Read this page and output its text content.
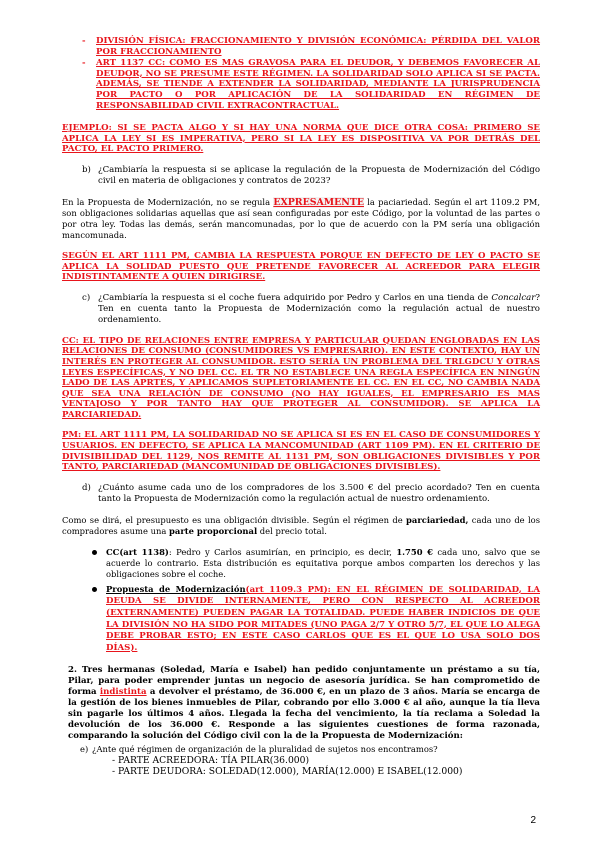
- DIVISIÓN FÍSICA: FRACCIONAMIENTO Y DIVISIÓN ECONÓMICA: PÉRDIDA DEL VALOR POR FRACCIONAMIENTO
- ART 1137 CC: COMO ES MAS GRAVOSA PARA EL DEUDOR, Y DEBEMOS FAVORECER AL DEUDOR, NO SE PRESUME ESTE RÉGIMEN. LA SOLIDARIDAD SOLO APLICA SI SE PACTA. ADEMÁS, SE TIENDE A EXTENDER LA SOLIDARIDAD, MEDIANTE LA JURISPRUDENCIA POR PACTO O POR APLICACIÓN DE LA SOLIDARIDAD EN RÉGIMEN DE RESPONSABILIDAD CIVIL EXTRACONTRACTUAL.

EJEMPLO: SI SE PACTA ALGO Y SI HAY UNA NORMA QUE DICE OTRA COSA: PRIMERO SE APLICA LA LEY SI ES IMPERATIVA, PERO SI LA LEY ES DISPOSITIVA VA POR DETRÁS DEL PACTO, EL PACTO PRIMERO.

b) ¿Cambiaría la respuesta si se aplicase la regulación de la Propuesta de Modernización del Código civil en materia de obligaciones y contratos de 2023?

En la Propuesta de Modernización, no se regula EXPRESAMENTE la paciariedad. Según el art 1109.2 PM, son obligaciones solidarias aquellas que así sean configuradas por este Código, por la voluntad de las partes o por otra ley. Todas las demás, serán mancomunadas, por lo que de acuerdo con la PM sería una obligación mancomunada.

SEGÚN EL ART 1111 PM, CAMBIA LA RESPUESTA PORQUE EN DEFECTO DE LEY O PACTO SE APLICA LA SOLIDAD PUESTO QUE PRETENDE FAVORECER AL ACREEDOR PARA ELEGIR INDISTINTAMENTE A QUIEN DIRIGIRSE.

c) ¿Cambiaría la respuesta si el coche fuera adquirido por Pedro y Carlos en una tienda de Concalcar? Ten en cuenta tanto la Propuesta de Modernización como la regulación actual de nuestro ordenamiento.

CC: EL TIPO DE RELACIONES ENTRE EMPRESA Y PARTICULAR QUEDAN ENGLOBADAS EN LAS RELACIONES DE CONSUMO (CONSUMIDORES VS EMPRESARIO). EN ESTE CONTEXTO, HAY UN INTERÉS EN PROTEGER AL CONSUMIDOR. ESTO SERÍA UN PROBLEMA DEL TRLGDCU Y OTRAS LEYES ESPECÍFICAS, Y NO DEL CC. EL TR NO ESTABLECE UNA REGLA ESPECÍFICA EN NINGÚN LADO DE LAS APRTES, Y APLICAMOS SUPLETORIAMENTE EL CC. EN EL CC, NO CAMBIA NADA QUE SEA UNA RELACIÓN DE CONSUMO (NO HAY IGUALES, EL EMPRESARIO ES MAS VENTAJOSO Y POR TANTO HAY QUE PROTEGER AL CONSUMIDOR). SE APLICA LA PARCIARIEDAD.

PM: EL ART 1111 PM, LA SOLIDARIDAD NO SE APLICA SI ES EN EL CASO DE CONSUMIDORES Y USUARIOS. EN DEFECTO, SE APLICA LA MANCOMUNIDAD (ART 1109 PM). EN EL CRITERIO DE DIVISIBILIDAD DEL 1129, NOS REMITE AL 1131 PM, SON OBLIGACIONES DIVISIBLES Y POR TANTO, PARCIARIEDAD (MANCOMUNIDAD DE OBLIGACIONES DIVISIBLES).

d) ¿Cuánto asume cada uno de los compradores de los 3.500 € del precio acordado? Ten en cuenta tanto la Propuesta de Modernización como la regulación actual de nuestro ordenamiento.

Como se dirá, el presupuesto es una obligación divisible. Según el régimen de parciariedad, cada uno de los compradores asume una parte proporcional del precio total.

CC(art 1138): Pedro y Carlos asumirían, en principio, es decir, 1.750 € cada uno, salvo que se acuerde lo contrario. Esta distribución es equitativa porque ambos comparten los derechos y las obligaciones sobre el coche.
Propuesta de Modernización(art 1109.3 PM): EN EL RÉGIMEN DE SOLIDARIDAD, LA DEUDA SE DIVIDE INTERNAMENTE, PERO CON RESPECTO AL ACREEDOR (EXTERNAMENTE) PUEDEN PAGAR LA TOTALIDAD. PUEDE HABER INDICIOS DE QUE LA DIVISIÓN NO HA SIDO POR MITADES (UNO PAGA 2/7 Y OTRO 5/7, EL QUE LO ALEGA DEBE PROBAR ESTO; EN ESTE CASO CARLOS QUE ES EL QUE LO USA SOLO DOS DÍAS).

2. Tres hermanas (Soledad, María e Isabel) han pedido conjuntamente un préstamo a su tía, Pilar, para poder emprender juntas un negocio de asesoría jurídica. Se han comprometido de forma indistinta a devolver el préstamo, de 36.000 €, en un plazo de 3 años. María se encarga de la gestión de los bienes inmuebles de Pilar, cobrando por ello 3.000 € al año, aunque la tía lleva sin pagarle los últimos 4 años. Llegada la fecha del vencimiento, la tía reclama a Soledad la devolución de los 36.000 €. Responde a las siguientes cuestiones de forma razonada, comparando la solución del Código civil con la de la Propuesta de Modernización:

e) ¿Ante qué régimen de organización de la pluralidad de sujetos nos encontramos?

- PARTE ACREEDORA: TÍA PILAR(36.000)

- PARTE DEUDORA: SOLEDAD(12.000), MARÍA(12.000) E ISABEL(12.000)

2
